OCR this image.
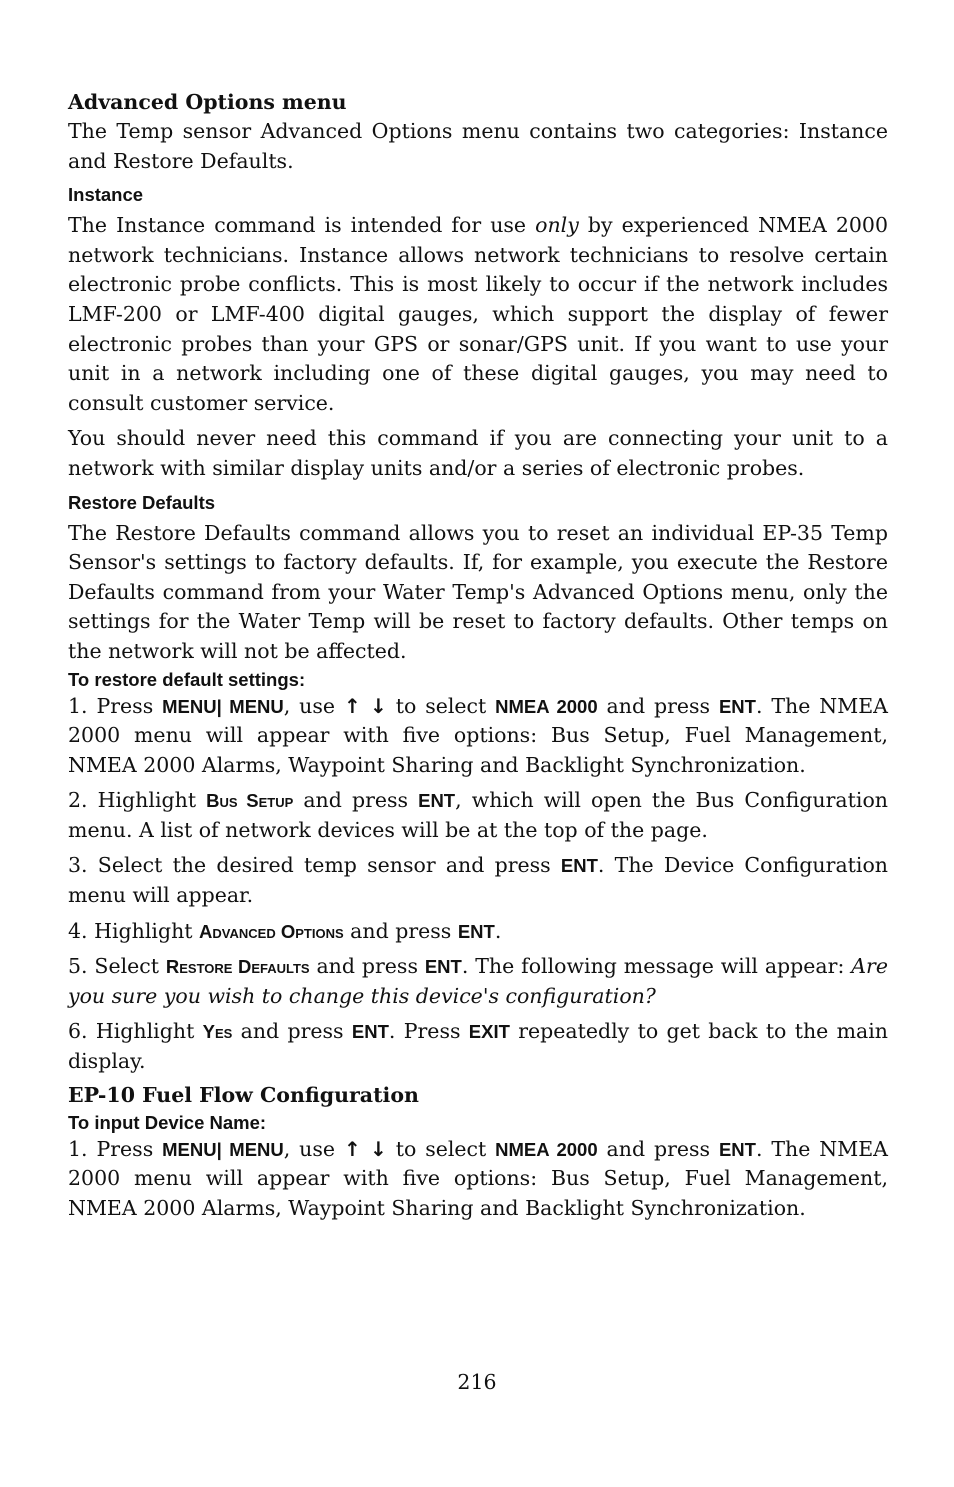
Advanced Options menu

The Temp sensor Advanced Options menu contains two categories: Instance and Restore Defaults.

Instance

The Instance command is intended for use only by experienced NMEA 2000 network technicians. Instance allows network technicians to resolve certain electronic probe conflicts. This is most likely to occur if the network includes LMF-200 or LMF-400 digital gauges, which support the display of fewer electronic probes than your GPS or sonar/GPS unit. If you want to use your unit in a network including one of these digital gauges, you may need to consult customer service.

You should never need this command if you are connecting your unit to a network with similar display units and/or a series of electronic probes.

Restore Defaults

The Restore Defaults command allows you to reset an individual EP-35 Temp Sensor's settings to factory defaults. If, for example, you execute the Restore Defaults command from your Water Temp's Advanced Options menu, only the settings for the Water Temp will be reset to factory defaults. Other temps on the network will not be affected.

To restore default settings:

1. Press MENU| MENU, use ↑ ↓ to select NMEA 2000 and press ENT. The NMEA 2000 menu will appear with five options: Bus Setup, Fuel Management, NMEA 2000 Alarms, Waypoint Sharing and Backlight Synchronization.

2. Highlight Bus Setup and press ENT, which will open the Bus Configuration menu. A list of network devices will be at the top of the page.

3. Select the desired temp sensor and press ENT. The Device Configuration menu will appear.

4. Highlight Advanced Options and press ENT.

5. Select Restore Defaults and press ENT. The following message will appear: Are you sure you wish to change this device's configuration?

6. Highlight Yes and press ENT. Press EXIT repeatedly to get back to the main display.

EP-10 Fuel Flow Configuration
To input Device Name:

1. Press MENU| MENU, use ↑ ↓ to select NMEA 2000 and press ENT. The NMEA 2000 menu will appear with five options: Bus Setup, Fuel Management, NMEA 2000 Alarms, Waypoint Sharing and Backlight Synchronization.

216
